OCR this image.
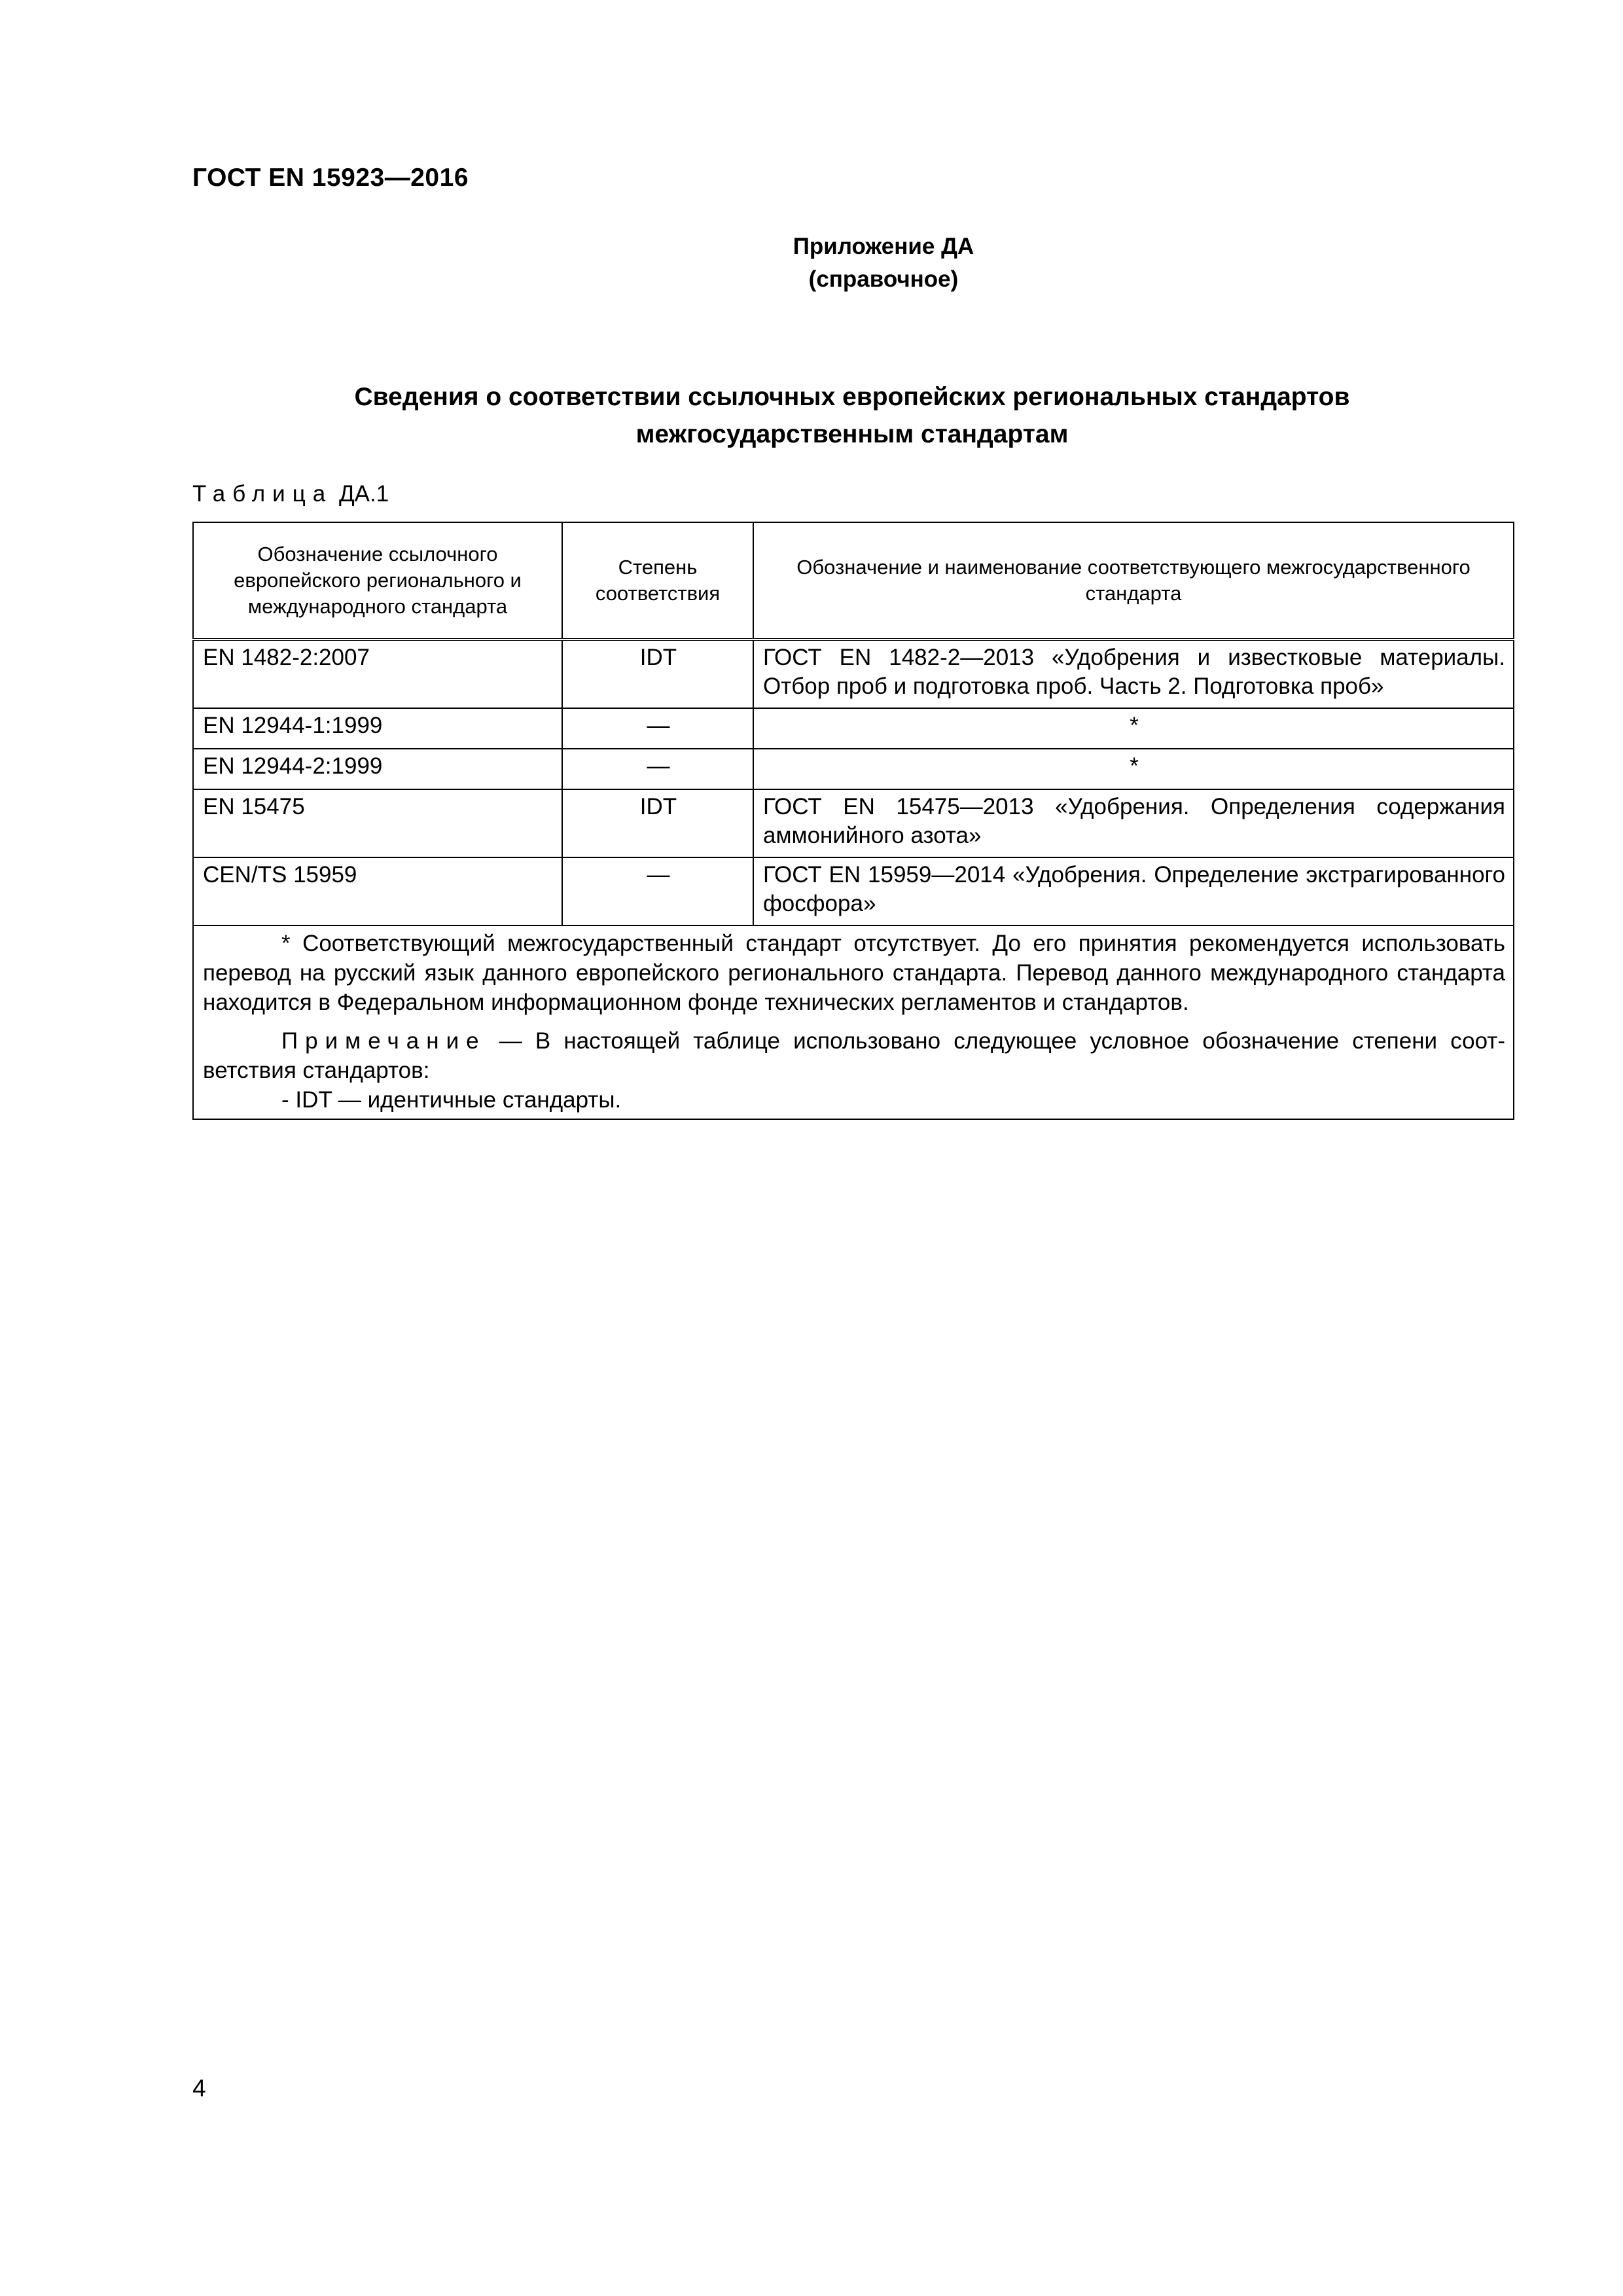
ГОСТ EN 15923—2016
Приложение ДА
(справочное)
Сведения о соответствии ссылочных европейских региональных стандартов
межгосударственным стандартам
Таблица ДА.1
Обозначение ссылочного европейского регионального и международного стандарта	Степень соответствия	Обозначение и наименование соответствующего межгосударственного стандарта
EN 1482-2:2007	IDT	ГОСТ EN 1482-2—2013 «Удобрения и известковые материалы. Отбор проб и подготовка проб. Часть 2. Подготовка проб»
EN 12944-1:1999	—	*
EN 12944-2:1999	—	*
EN 15475	IDT	ГОСТ EN 15475—2013 «Удобрения. Определения содержания аммонийного азота»
CEN/TS 15959	—	ГОСТ EN 15959—2014 «Удобрения. Определение экстрагированного фосфора»

* Соответствующий межгосударственный стандарт отсутствует. До его принятия рекомендуется использовать перевод на русский язык данного европейского регионального стандарта. Перевод данного международного стандарта находится в Федеральном информационном фонде технических регламентов и стандартов.

Примечание — В настоящей таблице использовано следующее условное обозначение степени соответствия стандартов:

- IDT — идентичные стандарты.		

4
